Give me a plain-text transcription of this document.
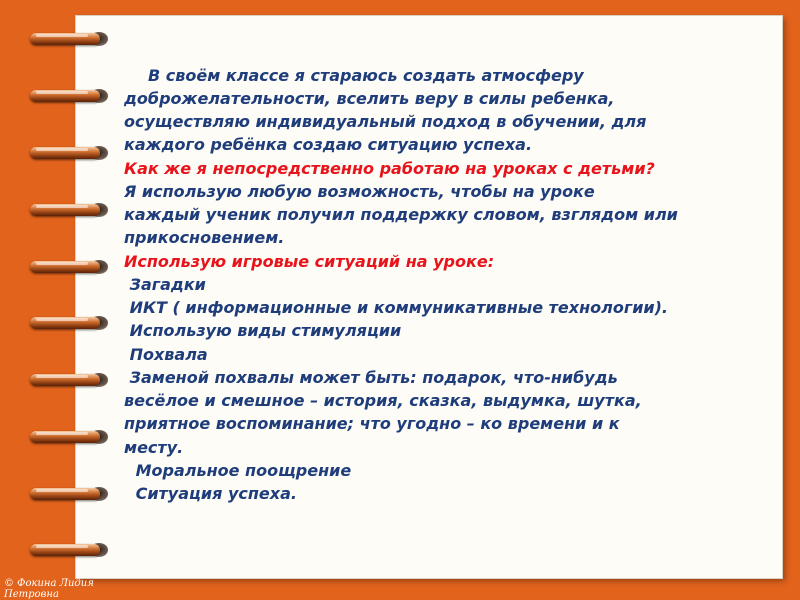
В своём классе я стараюсь создать атмосферу
доброжелательности, вселить веру в силы ребенка,
осуществляю индивидуальный подход в обучении, для
каждого ребёнка создаю ситуацию успеха.
Как же я непосредственно работаю на уроках с детьми?
Я использую любую возможность, чтобы на уроке
каждый ученик получил поддержку словом, взглядом или
прикосновением.
Использую игровые ситуаций на уроке:
Загадки
ИКТ ( информационные и коммуникативные технологии).
Использую виды стимуляции
Похвала
Заменой похвалы может быть: подарок, что-нибудь
весёлое и смешное – история, сказка, выдумка, шутка,
приятное воспоминание; что угодно – ко времени и к
месту.
Моральное поощрение
Ситуация успеха.
© Фокина Лидия
Петровна
